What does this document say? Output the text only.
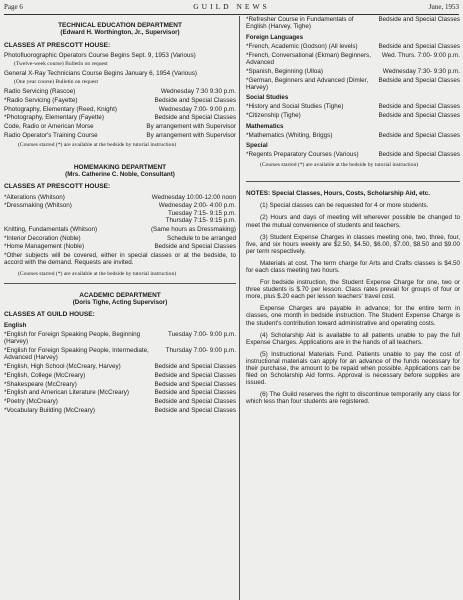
Page 6	GUILD NEWS	June, 1953
TECHNICAL EDUCATION DEPARTMENT
(Edward H. Worthington, Jr., Supervisor)
CLASSES AT PRESCOTT HOUSE:
Photofluorographic Operators Course Begins Sept. 9, 1953 (Various)
(Twelve-week course) Bulletin on request
General X-Ray Technicians Course Begins January 6, 1954 (Various)
(One year course) Bulletin on request
Radio Servicing (Rascoe)	Wednesday 7:30 9:30 p.m.
*Radio Servicing (Fayette)	Bedside and Special Classes
Photography, Elementary (Reed, Knight)	Wednesday 7:00- 9:00 p.m.
*Photography, Elementary (Fayette)	Bedside and Special Classes
Code, Radio or American Morse	By arrangement with Supervisor
Radio Operator's Training Course	By arrangement with Supervisor
(Courses starred (*) are available at the bedside by tutorial instruction)
HOMEMAKING DEPARTMENT
(Mrs. Catherine C. Noble, Consultant)
CLASSES AT PRESCOTT HOUSE:
*Alterations (Whitson)	Wednesday 10:00-12:00 noon
*Dressmaking (Whitson)	Wednesday 2:00- 4:00 p.m.
Tuesday 7:15- 9:15 p.m.
Thursday 7:15- 9:15 p.m.
Knitting, Fundamentals (Whitson)	(Same hours as Dressmaking)
*Interior Decoration (Noble)	Schedule to be arranged
*Home Management (Noble)	Bedside and Special Classes
*Other subjects will be covered, either in special classes or at the bedside, to accord with the demand. Requests are invited.
(Courses starred (*) are available at the bedside by tutorial instruction)
ACADEMIC DEPARTMENT
(Doris Tighe, Acting Supervisor)
CLASSES AT GUILD HOUSE:
English
*English for Foreign Speaking People, Beginning (Harvey)
Tuesday 7:00- 9:00 p.m.
*English for Foreign Speaking People, Intermediate, Advanced (Harvey)
Thursday 7:00- 9:00 p.m.
*English, High School (McCreary, Harvey)	Bedside and Special Classes
*English, College (McCreary)	Bedside and Special Classes
*Shakespeare (McCreary)	Bedside and Special Classes
*English and American Literature (McCreary)	Bedside and Special Classes
*Poetry (McCreary)	Bedside and Special Classes
*Vocabulary Building (McCreary)	Bedside and Special Classes
*Refresher Course in Fundamentals of English (Harvey, Tighe)
Bedside and Special Classes
Foreign Languages
*French, Academic (Godson) (All levels)	Bedside and Special Classes
*French, Conversational (Ekman) Beginners, Advanced
Wed. Thurs. 7:00- 9:00 p.m.
*Spanish, Beginning (Ulloa)	Wednesday 7:30- 9:30 p.m.
*German, Beginners and Advanced (Dimler, Harvey)
Bedside and Special Classes
Social Studies
*History and Social Studies (Tighe)	Bedside and Special Classes
*Citizenship (Tighe)	Bedside and Special Classes
Mathematics
*Mathematics (Whiting, Briggs)	Bedside and Special Classes
Special
*Regents Preparatory Courses (Various)	Bedside and Special Classes
(Courses starred (*) are available at the bedside by tutorial instruction)
NOTES: Special Classes, Hours, Costs, Scholarship Aid, etc.
(1) Special classes can be requested for 4 or more students.
(2) Hours and days of meeting will wherever possible be changed to meet the mutual convenience of students and teachers.
(3) Student Expense Charges in classes meeting one, two, three, four, five, and six hours weekly are $2.50, $4.50, $6.00, $7.00, $8.50 and $9.00 per term respectively.
Materials at cost. The term charge for Arts and Crafts classes is $4.50 for each class meeting two hours.
For bedside instruction, the Student Expense Charge for one, two or three students is $.70 per lesson. Class rates prevail for groups of four or more, plus $.20 each per lesson teachers' travel cost.
Expense Charges are payable in advance; for the entire term in classes, one month in bedside instruction. The Student Expense Charge is the student's contribution toward administrative and operating costs.
(4) Scholarship Aid is available to all patients unable to pay the full Expense Charges. Applications are in the hands of all teachers.
(5) Instructional Materials Fund. Patients unable to pay the cost of instructional materials can apply for an advance of the funds necessary for their purchase, the amount to be repaid when possible. Applications can be filed on Scholarship Aid forms. Approval is necessary before supplies are issued.
(6) The Guild reserves the right to discontinue temporarily any class for which less than four students are registered.
